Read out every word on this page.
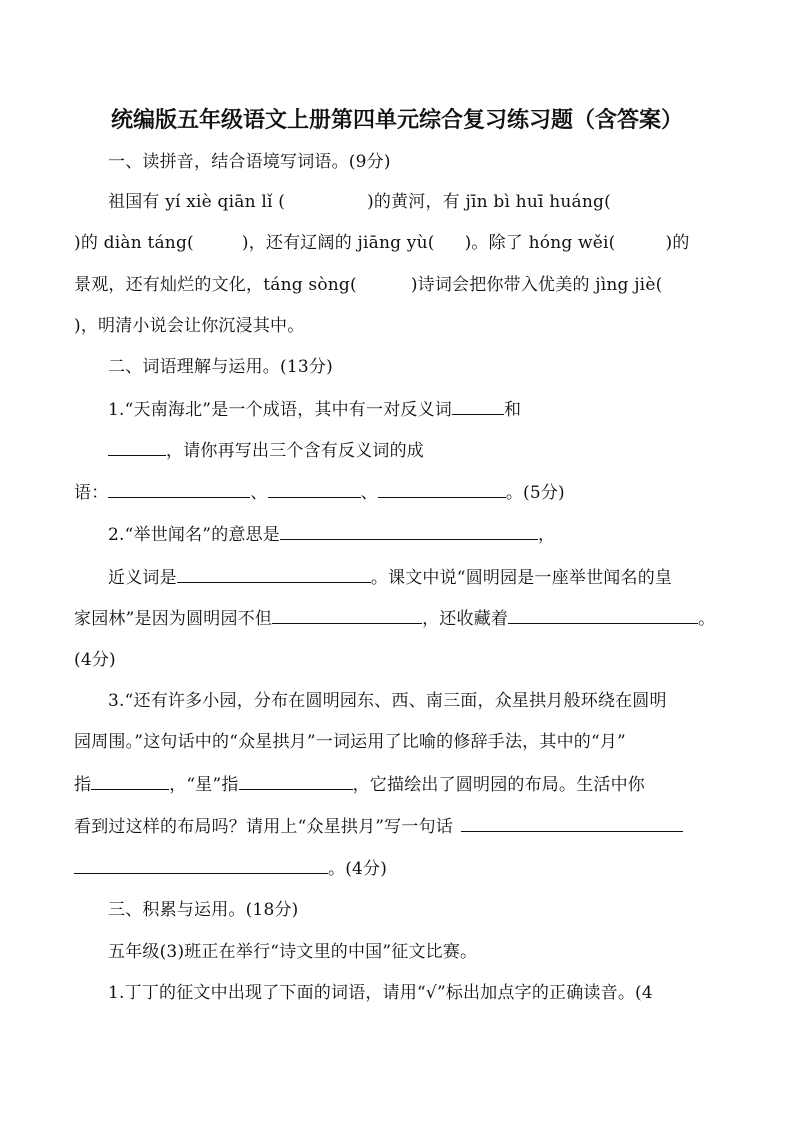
统编版五年级语文上册第四单元综合复习练习题（含答案）
一、读拼音，结合语境写词语。(9分)
祖国有 yí xiè qiān lǐ (	)的黄河，有 jīn bì huī huáng(
)的 diàn táng(	)，还有辽阔的 jiāng yù( )。除了 hóng wěi(	)的
景观，还有灿烂的文化，táng sòng(	)诗词会把你带入优美的 jìng jiè(
)，明清小说会让你沉浸其中。
二、词语理解与运用。(13分)
1.“天南海北”是一个成语，其中有一对反义词	和
，请你再写出三个含有反义词的成
语：	、	、	。(5分)
2.“举世闻名”的意思是	，
近义词是	。课文中说“圆明园是一座举世闻名的皇
家园林”是因为圆明园不但	，还收藏着	。
(4分)
3.“还有许多小园，分布在圆明园东、西、南三面，众星拱月般环绕在圆明
园周围。”这句话中的“众星拱月”一词运用了比喻的修辞手法，其中的“月”
指	，“星”指	，它描绘出了圆明园的布局。生活中你
看到过这样的布局吗？请用上“众星拱月”写一句话
。(4分)
三、积累与运用。(18分)
五年级(3)班正在举行“诗文里的中国”征文比赛。
1.丁丁的征文中出现了下面的词语，请用“√”标出加点字的正确读音。(4
